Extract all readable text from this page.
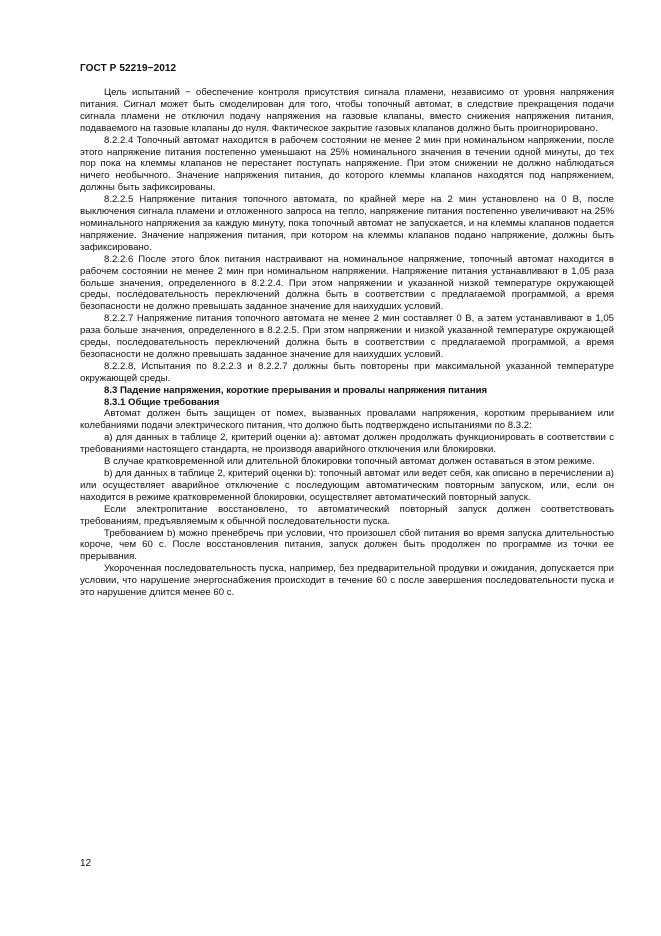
ГОСТ Р 52219−2012

Цель испытаний − обеспечение контроля присутствия сигнала пламени, независимо от уровня напряжения питания. Сигнал может быть смоделирован для того, чтобы топочный автомат, в следствие прекращения подачи сигнала пламени не отключил подачу напряжения на газовые клапаны, вместо снижения напряжения питания, подаваемого на газовые клапаны до нуля. Фактическое закрытие газовых клапанов должно быть проигнорировано.

8.2.2.4 Топочный автомат находится в рабочем состоянии не менее 2 мин при номинальном напряжении, после этого напряжение питания постепенно уменьшают на 25% номинального значения в течении одной минуты, до тех пор пока на клеммы клапанов не перестанет поступать напряжение. При этом снижении не должно наблюдаться ничего необычного. Значение напряжения питания, до которого клеммы клапанов находятся под напряжением, должны быть зафиксированы.

8.2.2.5 Напряжение питания топочного автомата, по крайней мере на 2 мин установлено на 0 В, после выключения сигнала пламени и отложенного запроса на тепло, напряжение питания постепенно увеличивают на 25% номинального напряжения за каждую минуту, пока топочный автомат не запускается, и на клеммы клапанов подается напряжение. Значение напряжения питания, при котором на клеммы клапанов подано напряжение, должны быть зафиксировано.

8.2.2.6 После этого блок питания настраивают на номинальное напряжение, топочный автомат находится в рабочем состоянии не менее 2 мин при номинальном напряжении. Напряжение питания устанавливают в 1,05 раза больше значения, определенного в 8.2.2.4. При этом напряжении и указанной низкой температуре окружающей среды, последовательность переключений должна быть в соответствии с предлагаемой программой, а время безопасности не должно превышать заданное значение для наихудших условий.

8.2.2.7 Напряжение питания топочного автомата не менее 2 мин составляет 0 В, а затем устанавливают в 1,05 раза больше значения, определенного в 8.2.2.5. При этом напряжении и низкой указанной температуре окружающей среды, последовательность переключений должна быть в соответствии с предлагаемой программой, а время безопасности не должно превышать заданное значение для наихудших условий.

8.2.2.8, Испытания по 8.2.2.3 и 8.2.2.7 должны быть повторены при максимальной указанной температуре окружающей среды.

8.3 Падение напряжения, короткие прерывания и провалы напряжения питания

8.3.1 Общие требования

Автомат должен быть защищен от помех, вызванных провалами напряжения, коротким прерыванием или колебаниями подачи электрического питания, что должно быть подтверждено испытаниями по 8.3.2:

а) для данных в таблице 2, критерий оценки а): автомат должен продолжать функционировать в соответствии с требованиями настоящего стандарта, не производя аварийного отключения или блокировки.

В случае кратковременной или длительной блокировки топочный автомат должен оставаться в этом режиме.

b) для данных в таблице 2, критерий оценки b): топочный автомат или ведет себя, как описано в перечислении а) или осуществляет аварийное отключение с последующим автоматическим повторным запуском, или, если он находится в режиме кратковременной блокировки, осуществляет автоматический повторный запуск.

Если электропитание восстановлено, то автоматический повторный запуск должен соответствовать требованиям, предъявляемым к обычной последовательности пуска.

Требованием b) можно пренебречь при условии, что произошел сбой питания во время запуска длительностью короче, чем 60 с. После восстановления питания, запуск должен быть продолжен по программе из точки ее прерывания.

Укороченная последовательность пуска, например, без предварительной продувки и ожидания, допускается при условии, что нарушение энергоснабжения происходит в течение 60 с после завершения последовательности пуска и это нарушение длится менее 60 с.

12
